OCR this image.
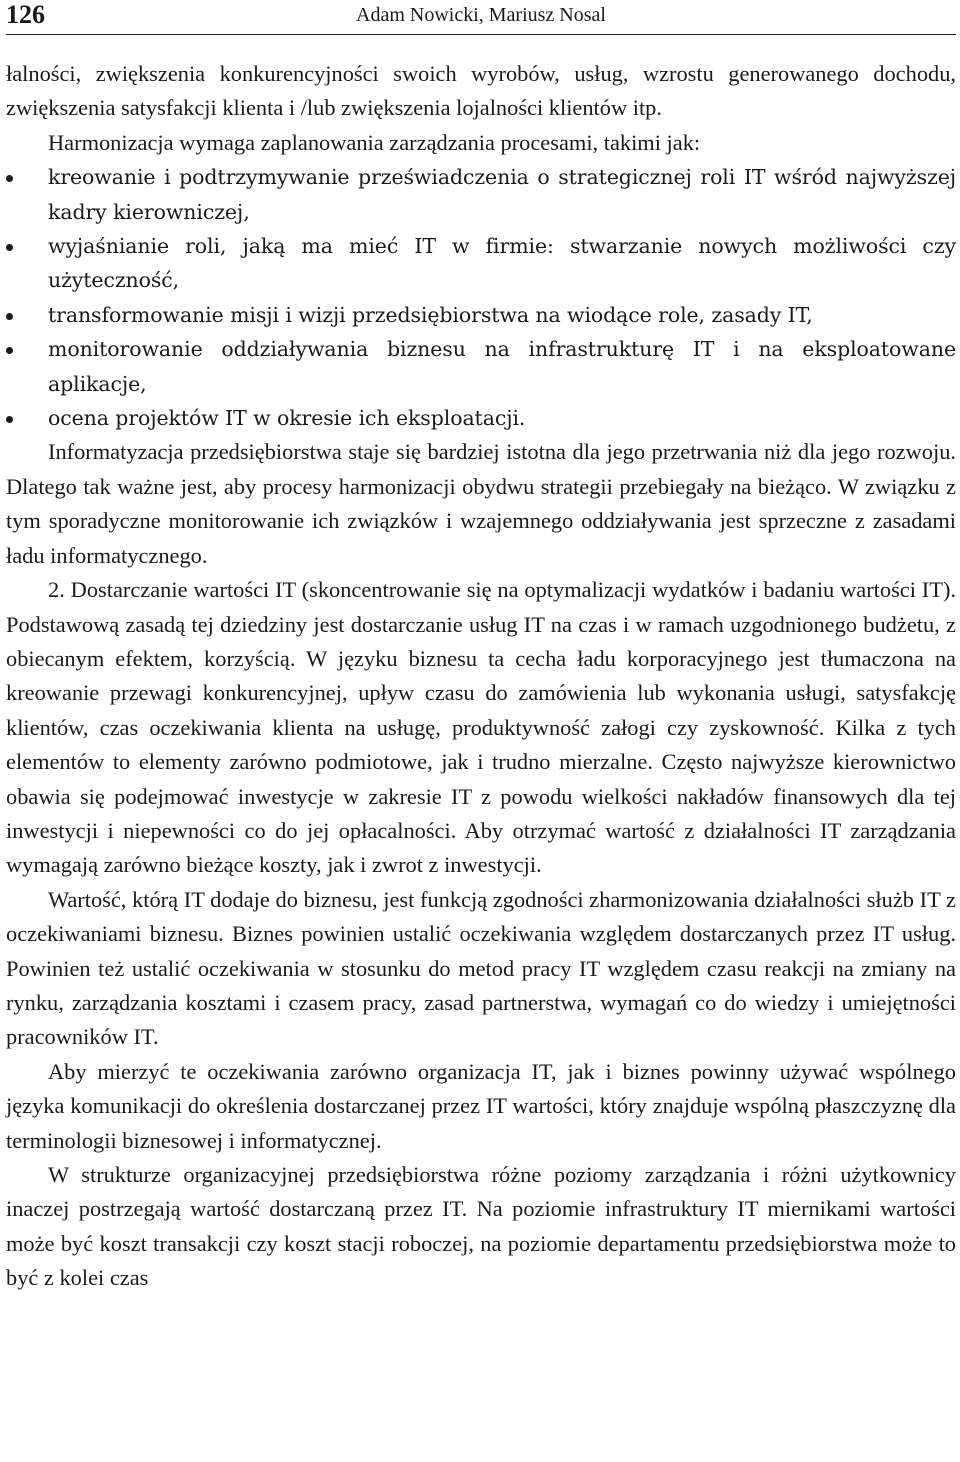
126	Adam Nowicki, Mariusz Nosal

łalności, zwiększenia konkurencyjności swoich wyrobów, usług, wzrostu generowanego dochodu, zwiększenia satysfakcji klienta i /lub zwiększenia lojalności klientów itp.

Harmonizacja wymaga zaplanowania zarządzania procesami, takimi jak:

kreowanie i podtrzymywanie przeświadczenia o strategicznej roli IT wśród najwyższej kadry kierowniczej,
wyjaśnianie roli, jaką ma mieć IT w firmie: stwarzanie nowych możliwości czy użyteczność,
transformowanie misji i wizji przedsiębiorstwa na wiodące role, zasady IT,
monitorowanie oddziaływania biznesu na infrastrukturę IT i na eksploatowane aplikacje,
ocena projektów IT w okresie ich eksploatacji.

Informatyzacja przedsiębiorstwa staje się bardziej istotna dla jego przetrwania niż dla jego rozwoju. Dlatego tak ważne jest, aby procesy harmonizacji obydwu strategii przebiegały na bieżąco. W związku z tym sporadyczne monitorowanie ich związków i wzajemnego oddziaływania jest sprzeczne z zasadami ładu informatycznego.

2. Dostarczanie wartości IT (skoncentrowanie się na optymalizacji wydatków i badaniu wartości IT). Podstawową zasadą tej dziedziny jest dostarczanie usług IT na czas i w ramach uzgodnionego budżetu, z obiecanym efektem, korzyścią. W języku biznesu ta cecha ładu korporacyjnego jest tłumaczona na kreowanie przewagi konkurencyjnej, upływ czasu do zamówienia lub wykonania usługi, satysfakcję klientów, czas oczekiwania klienta na usługę, produktywność załogi czy zyskowność. Kilka z tych elementów to elementy zarówno podmiotowe, jak i trudno mierzalne. Często najwyższe kierownictwo obawia się podejmować inwestycje w zakresie IT z powodu wielkości nakładów finansowych dla tej inwestycji i niepewności co do jej opłacalności. Aby otrzymać wartość z działalności IT zarządzania wymagają zarówno bieżące koszty, jak i zwrot z inwestycji.

Wartość, którą IT dodaje do biznesu, jest funkcją zgodności zharmonizowania działalności służb IT z oczekiwaniami biznesu. Biznes powinien ustalić oczekiwania względem dostarczanych przez IT usług. Powinien też ustalić oczekiwania w stosunku do metod pracy IT względem czasu reakcji na zmiany na rynku, zarządzania kosztami i czasem pracy, zasad partnerstwa, wymagań co do wiedzy i umiejętności pracowników IT.

Aby mierzyć te oczekiwania zarówno organizacja IT, jak i biznes powinny używać wspólnego języka komunikacji do określenia dostarczanej przez IT wartości, który znajduje wspólną płaszczyznę dla terminologii biznesowej i informatycznej.

W strukturze organizacyjnej przedsiębiorstwa różne poziomy zarządzania i różni użytkownicy inaczej postrzegają wartość dostarczaną przez IT. Na poziomie infrastruktury IT miernikami wartości może być koszt transakcji czy koszt stacji roboczej, na poziomie departamentu przedsiębiorstwa może to być z kolei czas
